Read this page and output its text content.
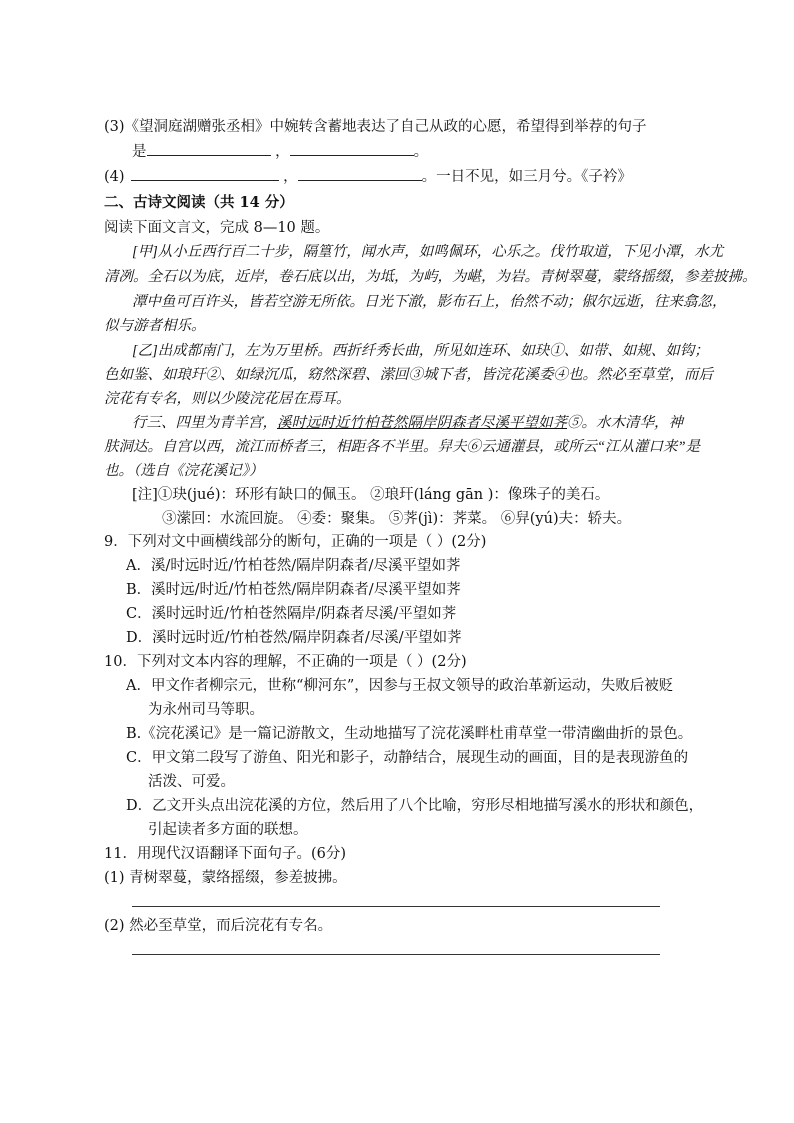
(3)《望洞庭湖赠张丞相》中婉转含蓄地表达了自己从政的心愿，希望得到举荐的句子
是	，	。
(4)	，	。一日不见，如三月兮。《子衿》
二、古诗文阅读（共 14 分）
阅读下面文言文，完成 8—10 题。
[甲]从小丘西行百二十步，隔篁竹，闻水声，如鸣佩环，心乐之。伐竹取道，下见小潭，水尤
清冽。全石以为底，近岸，卷石底以出，为坻，为屿，为嵁，为岩。青树翠蔓，蒙络摇缀，参差披拂。
潭中鱼可百许头，皆若空游无所依。日光下澈，影布石上，佁然不动；俶尔远逝，往来翕忽，
似与游者相乐。
[乙]出成都南门，左为万里桥。西折纤秀长曲，所见如连环、如玦①、如带、如规、如钩；
色如鉴、如琅玕②、如绿沉瓜，窈然深碧、潆回③城下者，皆浣花溪委④也。然必至草堂，而后
浣花有专名，则以少陵浣花居在焉耳。
行三、四里为青羊宫，溪时远时近竹柏苍然隔岸阴森者尽溪平望如荠⑤。水木清华，神
肤洞达。自宫以西，流江而桥者三，相距各不半里。舁夫⑥云通灌县，或所云“江从灌口来”是
也。（选自《浣花溪记》）
[注]①玦(jué)：环形有缺口的佩玉。 ②琅玕(láng gān )：像珠子的美石。
③潆回：水流回旋。 ④委：聚集。 ⑤荠(jì)：荠菜。 ⑥舁(yú)夫：轿夫。
9．下列对文中画横线部分的断句，正确的一项是（ ）(2分)
A．溪/时远时近/竹柏苍然/隔岸阴森者/尽溪平望如荠
B．溪时远/时近/竹柏苍然/隔岸阴森者/尽溪平望如荠
C．溪时远时近/竹柏苍然隔岸/阴森者尽溪/平望如荠
D．溪时远时近/竹柏苍然/隔岸阴森者/尽溪/平望如荠
10．下列对文本内容的理解，不正确的一项是（ ）(2分)
A．甲文作者柳宗元，世称“柳河东”，因参与王叔文领导的政治革新运动，失败后被贬
为永州司马等职。
B.《浣花溪记》是一篇记游散文，生动地描写了浣花溪畔杜甫草堂一带清幽曲折的景色。
C．甲文第二段写了游鱼、阳光和影子，动静结合，展现生动的画面，目的是表现游鱼的
活泼、可爱。
D．乙文开头点出浣花溪的方位，然后用了八个比喻，穷形尽相地描写溪水的形状和颜色，
引起读者多方面的联想。
11．用现代汉语翻译下面句子。(6分)
(1) 青树翠蔓，蒙络摇缀，参差披拂。
(2) 然必至草堂，而后浣花有专名。
